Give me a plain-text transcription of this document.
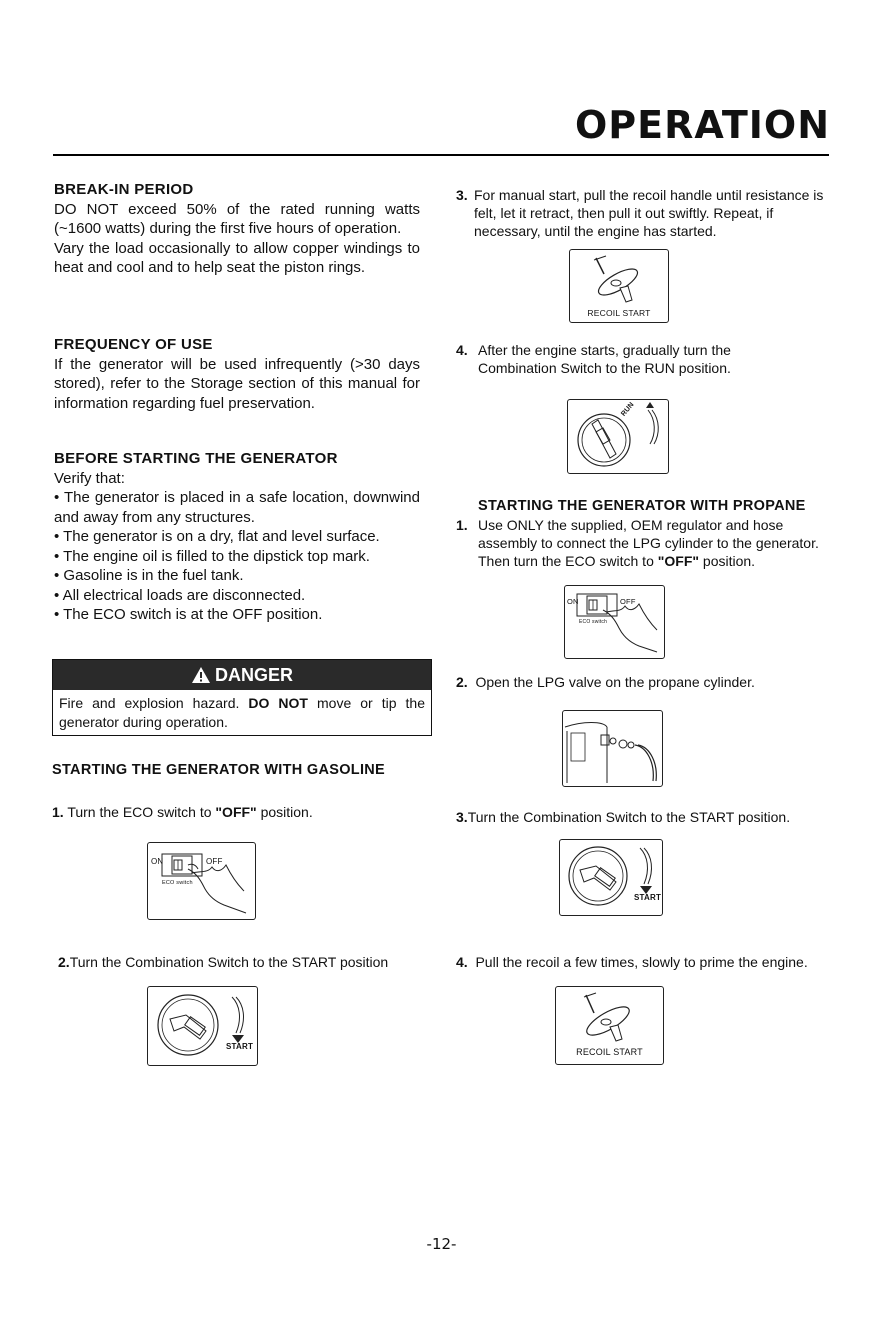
OPERATION

BREAK-IN PERIOD

DO NOT exceed 50% of the rated running watts (~1600 watts) during the first five hours of operation.

Vary the load occasionally to allow copper windings to heat and cool and to help seat the piston rings.

FREQUENCY OF USE

If the generator will be used infrequently (>30 days stored), refer to the Storage section of this manual for information regarding fuel preservation.

BEFORE STARTING THE GENERATOR

Verify that:

• The generator is placed in a safe location, downwind and away from any structures.

• The generator is on a dry, flat and level surface.

• The engine oil is filled to the dipstick top mark.

• Gasoline is in the fuel tank.

• All electrical loads are disconnected.

• The ECO switch is at the OFF position.

DANGER
Fire and explosion hazard. DO NOT move or tip the generator during operation.
STARTING THE GENERATOR WITH GASOLINE
1. Turn the ECO switch to "OFF" position.
ON	OFF
ECO switch
2.Turn the Combination Switch to the START position
START
3. For manual start, pull the recoil handle until resistance is felt, let it retract, then pull it out swiftly. Repeat, if necessary, until the engine has started.
RECOIL START
4. After the engine starts, gradually turn the Combination Switch to the RUN position.
RUN
STARTING THE GENERATOR WITH PROPANE
1. Use ONLY the supplied, OEM regulator and hose assembly to connect the LPG cylinder to the generator. Then turn the ECO switch to "OFF" position.
ON	OFF
ECO switch
2. Open the LPG valve on the propane cylinder.
3.Turn the Combination Switch to the START position.
START
4. Pull the recoil a few times, slowly to prime the engine.
RECOIL START
-12-
